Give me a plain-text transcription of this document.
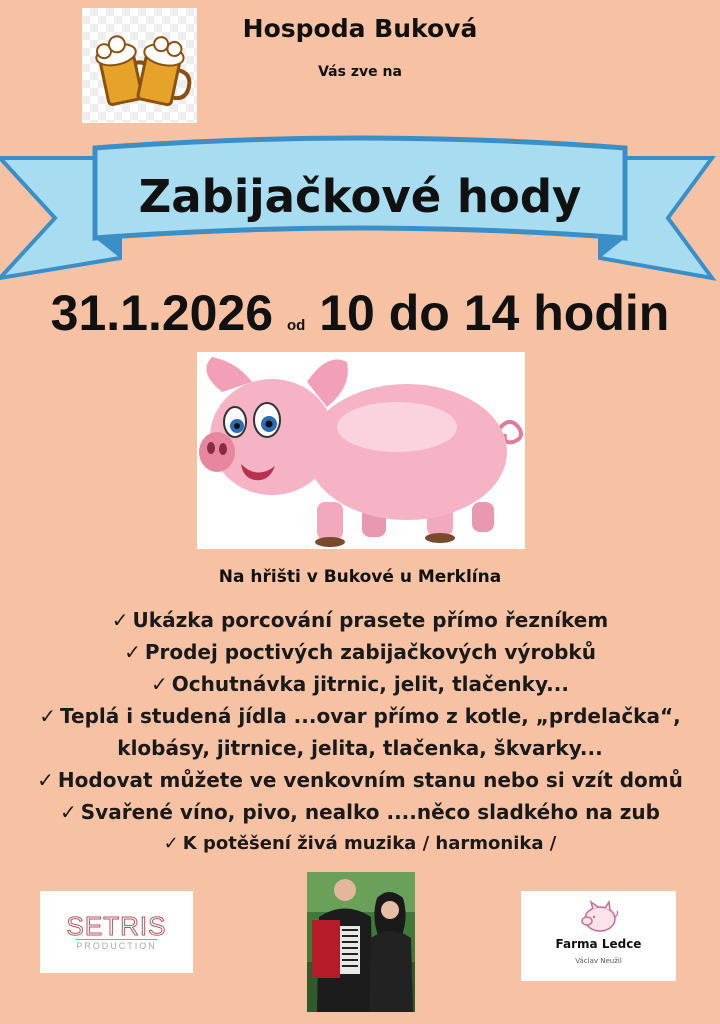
Hospoda Buková
Vás zve na
Zabijačkové hody
31.1.2026 od 10 do 14 hodin
Na hřišti v Bukové u Merklína
✓ Ukázka porcování prasete přímo řezníkem
✓ Prodej poctivých zabijačkových výrobků
✓ Ochutnávka jitrnic, jelit, tlačenky...
✓ Teplá i studená jídla ...ovar přímo z kotle, „prdelačka“,
klobásy, jitrnice, jelita, tlačenka, škvarky...
✓ Hodovat můžete ve venkovním stanu nebo si vzít domů
✓ Svařené víno, pivo, nealko ....něco sladkého na zub
✓ K potěšení živá muzika / harmonika /
SETRIS
PRODUCTION	Farma Ledce
Václav Neužil
